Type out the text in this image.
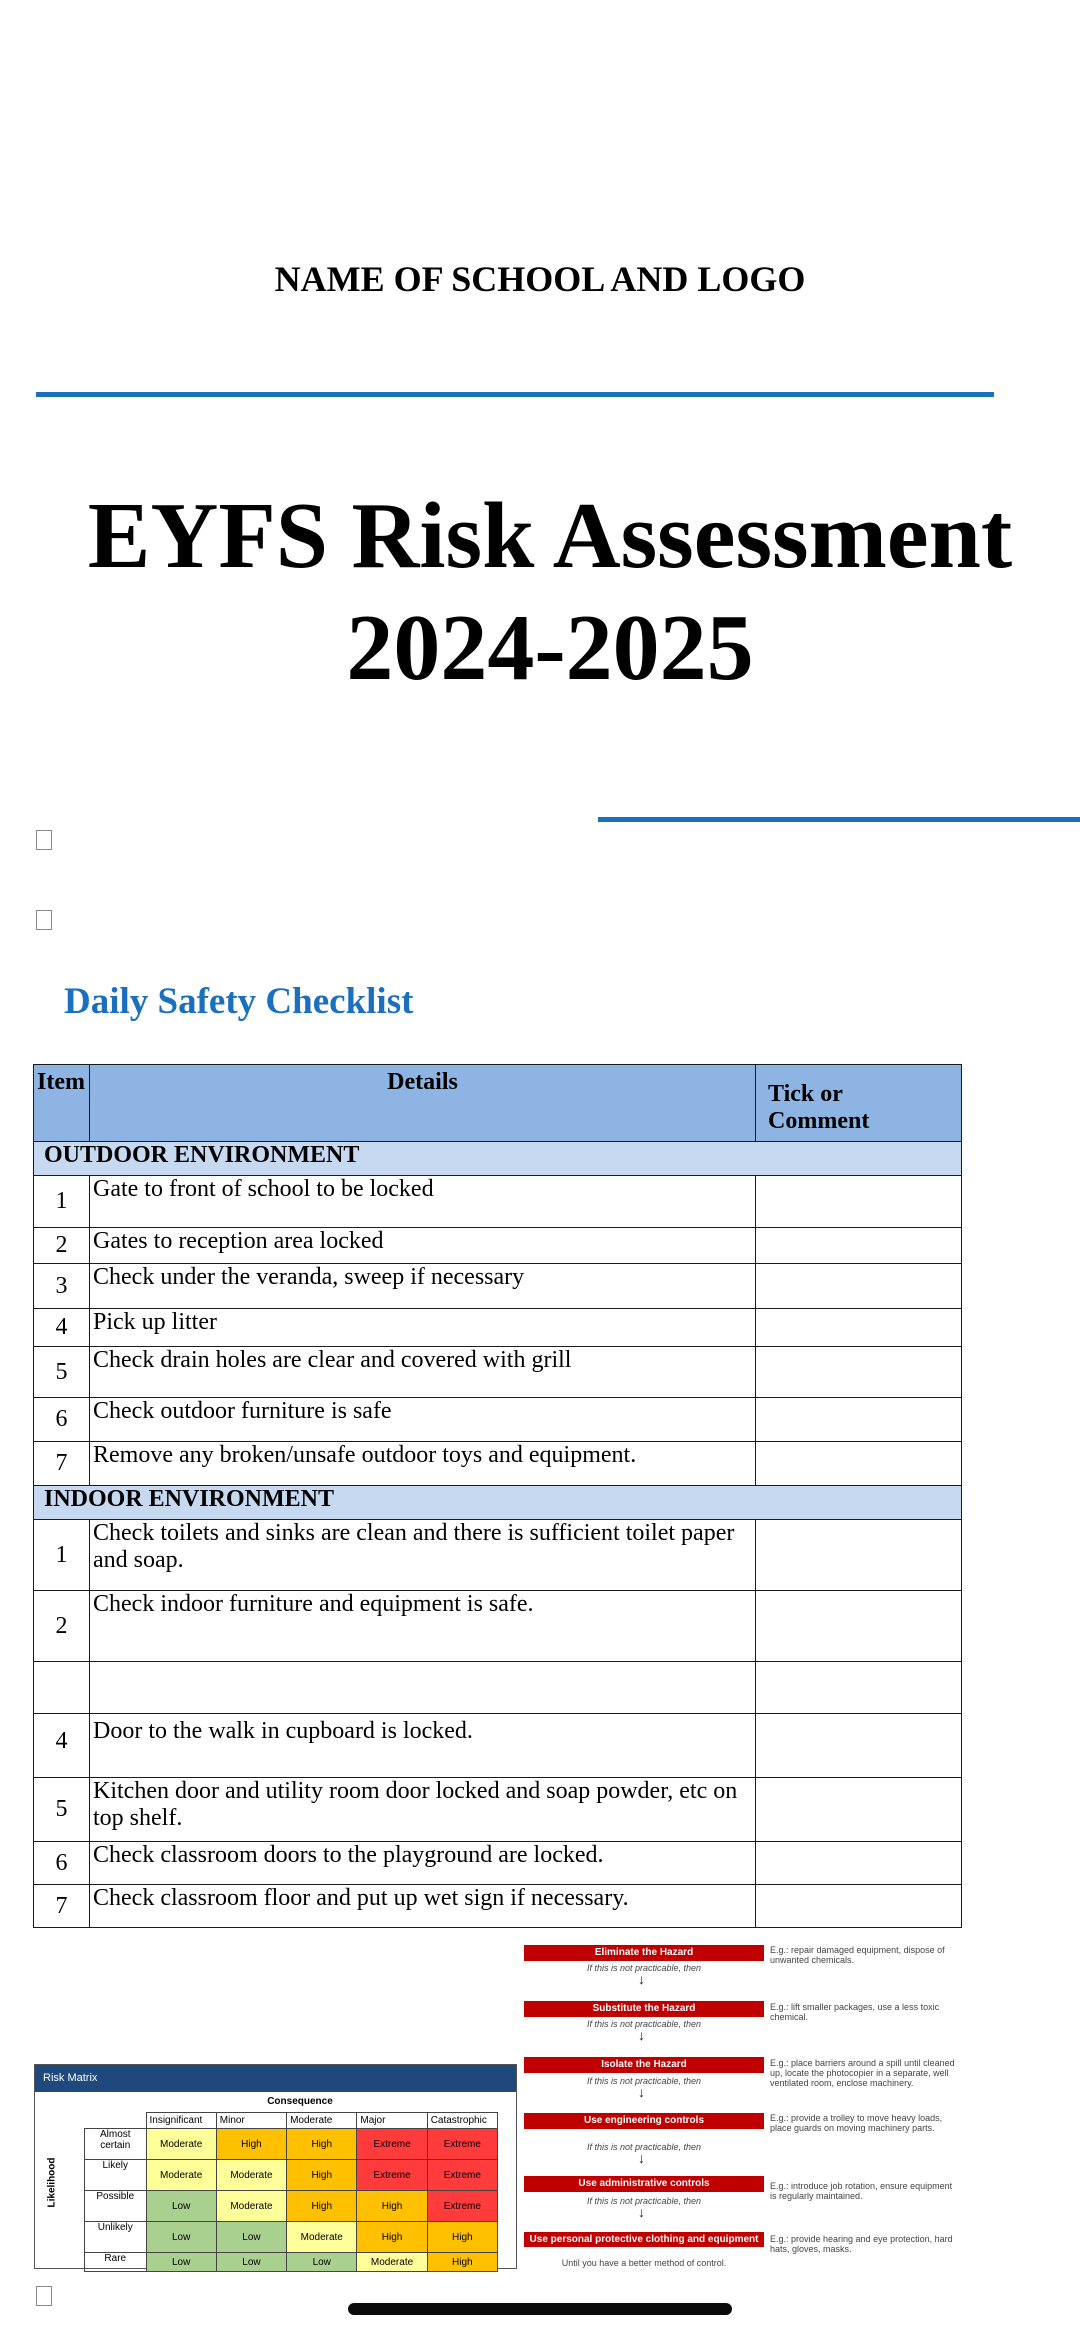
NAME OF SCHOOL AND LOGO
EYFS Risk Assessment 2024-2025
Daily Safety Checklist
Item	Details	Tick or Comment
OUTDOOR ENVIRONMENT		
1	Gate to front of school to be locked	
2	Gates to reception area locked	
3	Check under the veranda, sweep if necessary	
4	Pick up litter	
5	Check drain holes are clear and covered with grill	
6	Check outdoor furniture is safe	
7	Remove any broken/unsafe outdoor toys and equipment.	
INDOOR ENVIRONMENT		
1	Check toilets and sinks are clean and there is sufficient toilet paper and soap.	
2	Check indoor furniture and equipment is safe.	

4	Door to the walk in cupboard is locked.	
5	Kitchen door and utility room door locked and soap powder, etc on top shelf.	
6	Check classroom doors to the playground are locked.	
7	Check classroom floor and put up wet sign if necessary.	
Eliminate the Hazard
If this is not practicable, then
↓
E.g.: repair damaged equipment, dispose of unwanted chemicals.
Substitute the Hazard
If this is not practicable, then
↓
E.g.: lift smaller packages, use a less toxic chemical.
Isolate the Hazard
If this is not practicable, then
↓
E.g.: place barriers around a spill until cleaned up, locate the photocopier in a separate, well ventilated room, enclose machinery.
Use engineering controls
If this is not practicable, then
↓
E.g.: provide a trolley to move heavy loads, place guards on moving machinery parts.
Use administrative controls
If this is not practicable, then
↓
E.g.: introduce job rotation, ensure equipment is regularly maintained.
Use personal protective clothing and equipment	E.g.: provide hearing and eye protection, hard hats, gloves, masks.
Until you have a better method of control.
Risk Matrix
Consequence
Likelihood
	Insignificant	Minor	Moderate	Major	Catastrophic
Almost certain	Moderate	High	High	Extreme	Extreme
Likely	Moderate	Moderate	High	Extreme	Extreme
Possible	Low	Moderate	High	High	Extreme
Unlikely	Low	Low	Moderate	High	High
Rare	Low	Low	Low	Moderate	High
